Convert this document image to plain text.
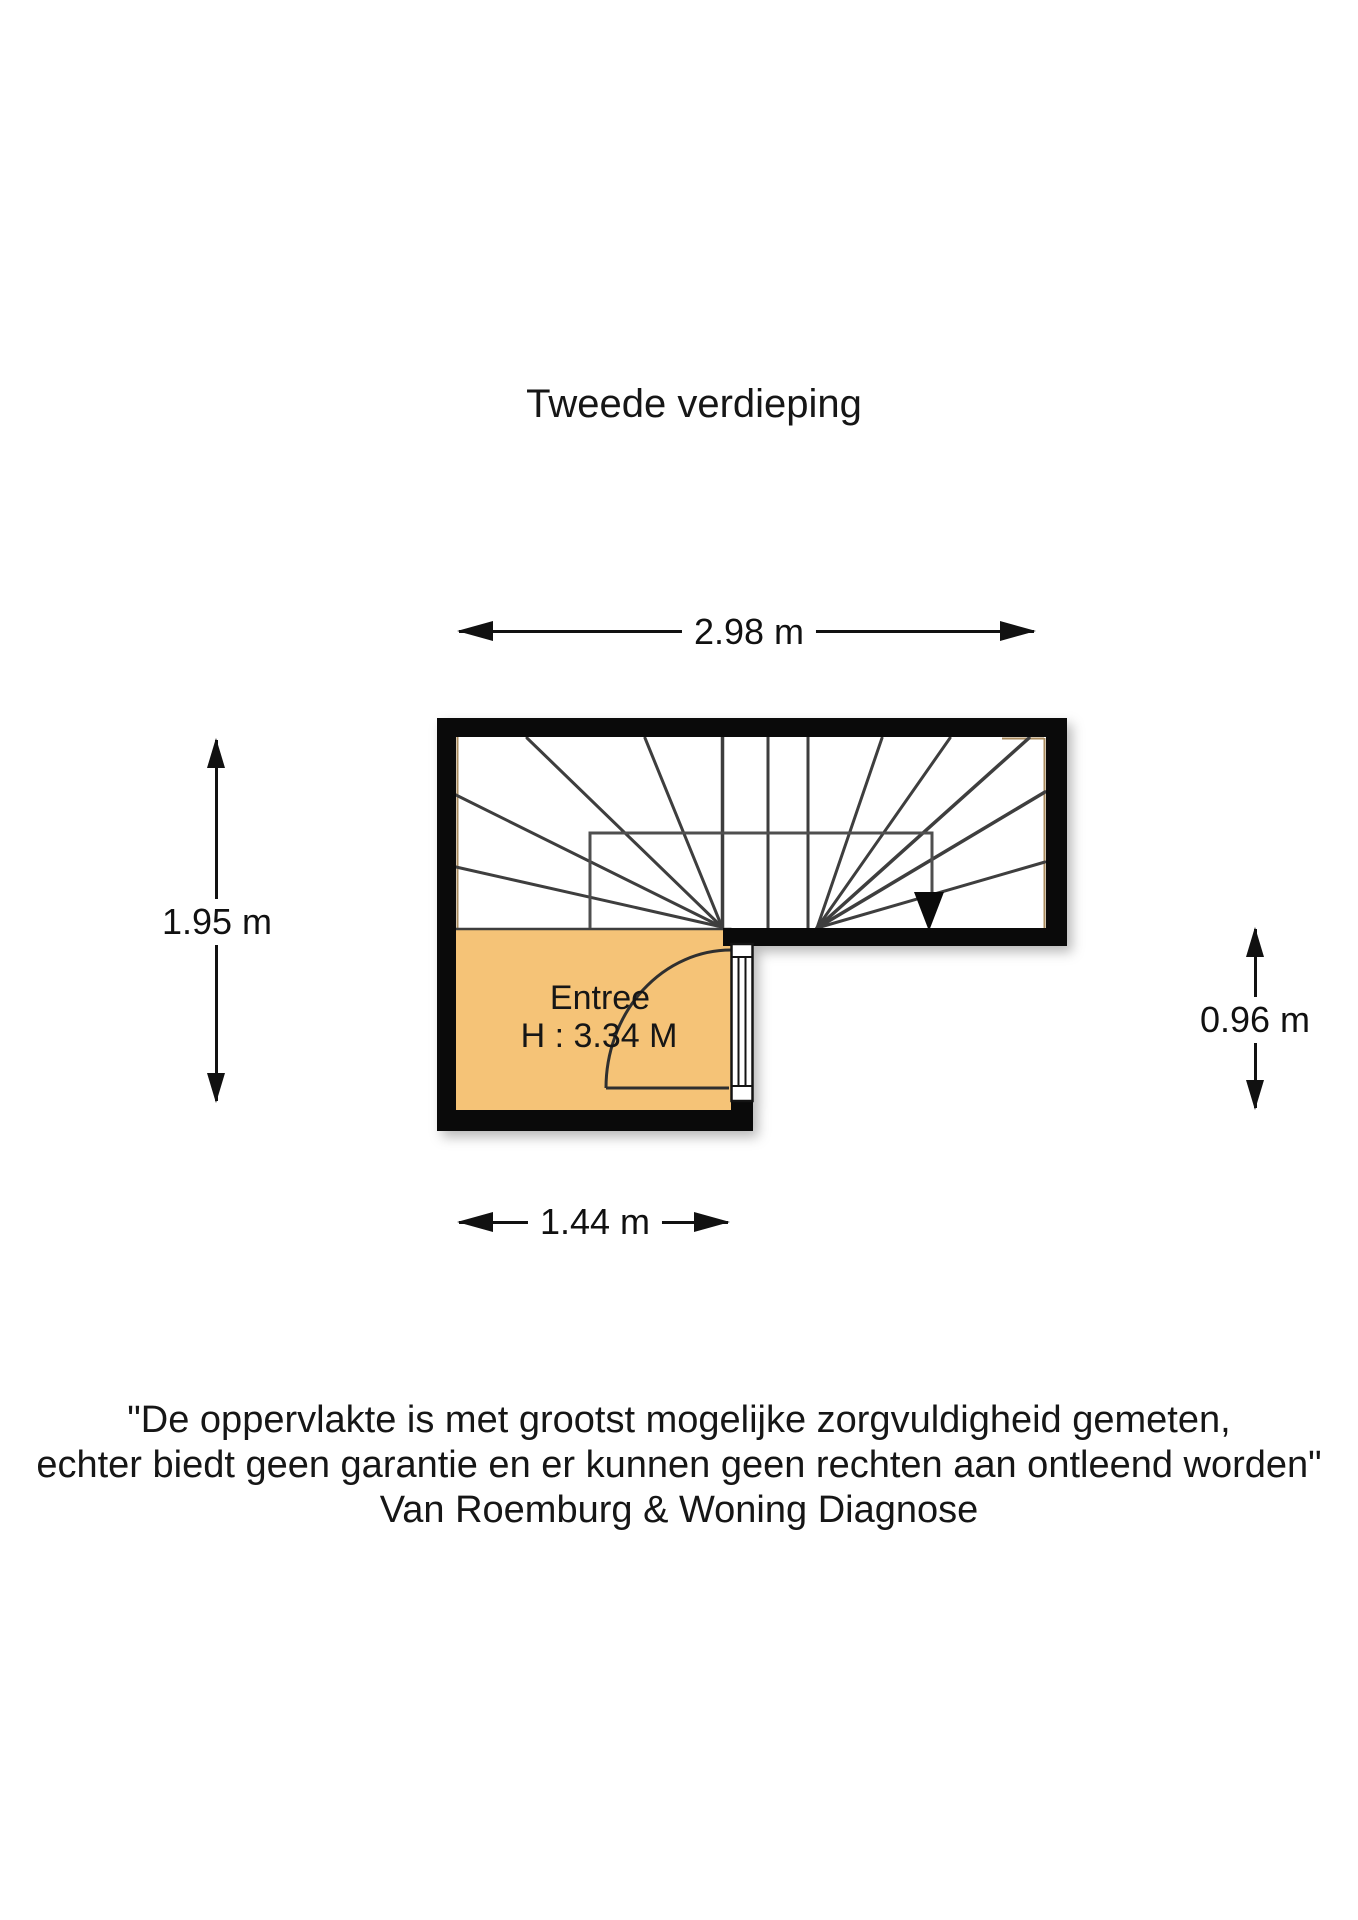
Tweede verdieping
Entree
H : 3.34 M
2.98 m
1.95 m
0.96 m
1.44 m
"De oppervlakte is met grootst mogelijke zorgvuldigheid gemeten,
echter biedt geen garantie en er kunnen geen rechten aan ontleend worden"
Van Roemburg & Woning Diagnose
